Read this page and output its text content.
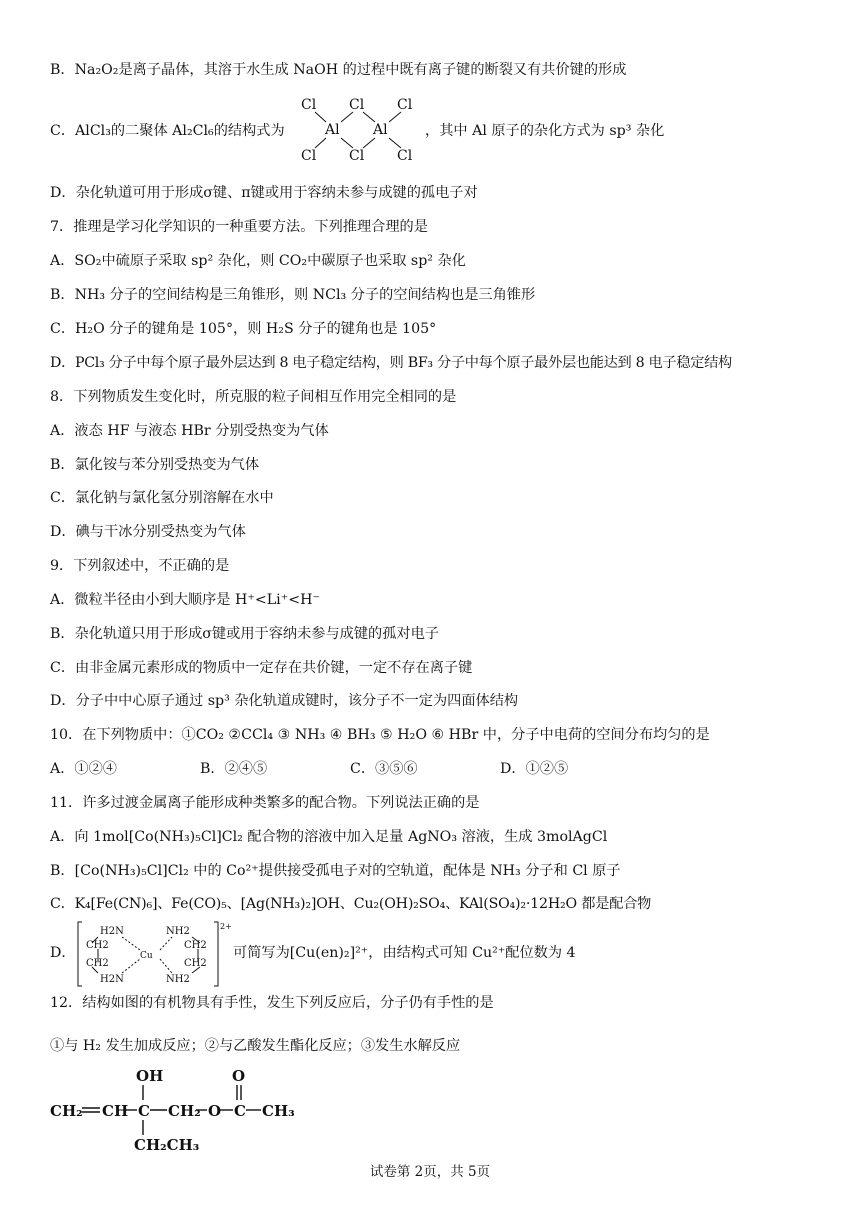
B．Na₂O₂是离子晶体，其溶于水生成 NaOH 的过程中既有离子键的断裂又有共价键的形成
C．AlCl₃的二聚体 Al₂Cl₆的结构式为
Cl Cl Cl
Al Al
Cl Cl Cl
，其中 Al 原子的杂化方式为 sp³ 杂化
D．杂化轨道可用于形成σ键、π键或用于容纳未参与成键的孤电子对
7．推理是学习化学知识的一种重要方法。下列推理合理的是
A．SO₂中硫原子采取 sp² 杂化，则 CO₂中碳原子也采取 sp² 杂化
B．NH₃ 分子的空间结构是三角锥形，则 NCl₃ 分子的空间结构也是三角锥形
C．H₂O 分子的键角是 105°，则 H₂S 分子的键角也是 105°
D．PCl₃ 分子中每个原子最外层达到 8 电子稳定结构，则 BF₃ 分子中每个原子最外层也能达到 8 电子稳定结构
8．下列物质发生变化时，所克服的粒子间相互作用完全相同的是
A．液态 HF 与液态 HBr 分别受热变为气体
B．氯化铵与苯分别受热变为气体
C．氯化钠与氯化氢分别溶解在水中
D．碘与干冰分别受热变为气体
9．下列叙述中，不正确的是
A．微粒半径由小到大顺序是 H⁺<Li⁺<H⁻
B．杂化轨道只用于形成σ键或用于容纳未参与成键的孤对电子
C．由非金属元素形成的物质中一定存在共价键，一定不存在离子键
D．分子中中心原子通过 sp³ 杂化轨道成键时，该分子不一定为四面体结构
10．在下列物质中：①CO₂ ②CCl₄ ③ NH₃ ④ BH₃ ⑤ H₂O ⑥ HBr 中，分子中电荷的空间分布均匀的是
A．①②④	B．②④⑤	C．③⑤⑥	D．①②⑤
11．许多过渡金属离子能形成种类繁多的配合物。下列说法正确的是
A．向 1mol[Co(NH₃)₅Cl]Cl₂ 配合物的溶液中加入足量 AgNO₃ 溶液，生成 3molAgCl
B．[Co(NH₃)₅Cl]Cl₂ 中的 Co²⁺提供接受孤电子对的空轨道，配体是 NH₃ 分子和 Cl 原子
C．K₄[Fe(CN)₆]、Fe(CO)₅、[Ag(NH₃)₂]OH、Cu₂(OH)₂SO₄、KAl(SO₄)₂·12H₂O 都是配合物
D．
H2N	NH2
CH2	CH2
Cu
CH2	CH2
H2N	NH2
2+
可简写为[Cu(en)₂]²⁺，由结构式可知 Cu²⁺配位数为 4
12．结构如图的有机物具有手性，发生下列反应后，分子仍有手性的是
①与 H₂ 发生加成反应；②与乙酸发生酯化反应；③发生水解反应
OH	O
CH₂ CH C CH₂ O C CH₃
CH₂CH₃
试卷第 2页，共 5页
